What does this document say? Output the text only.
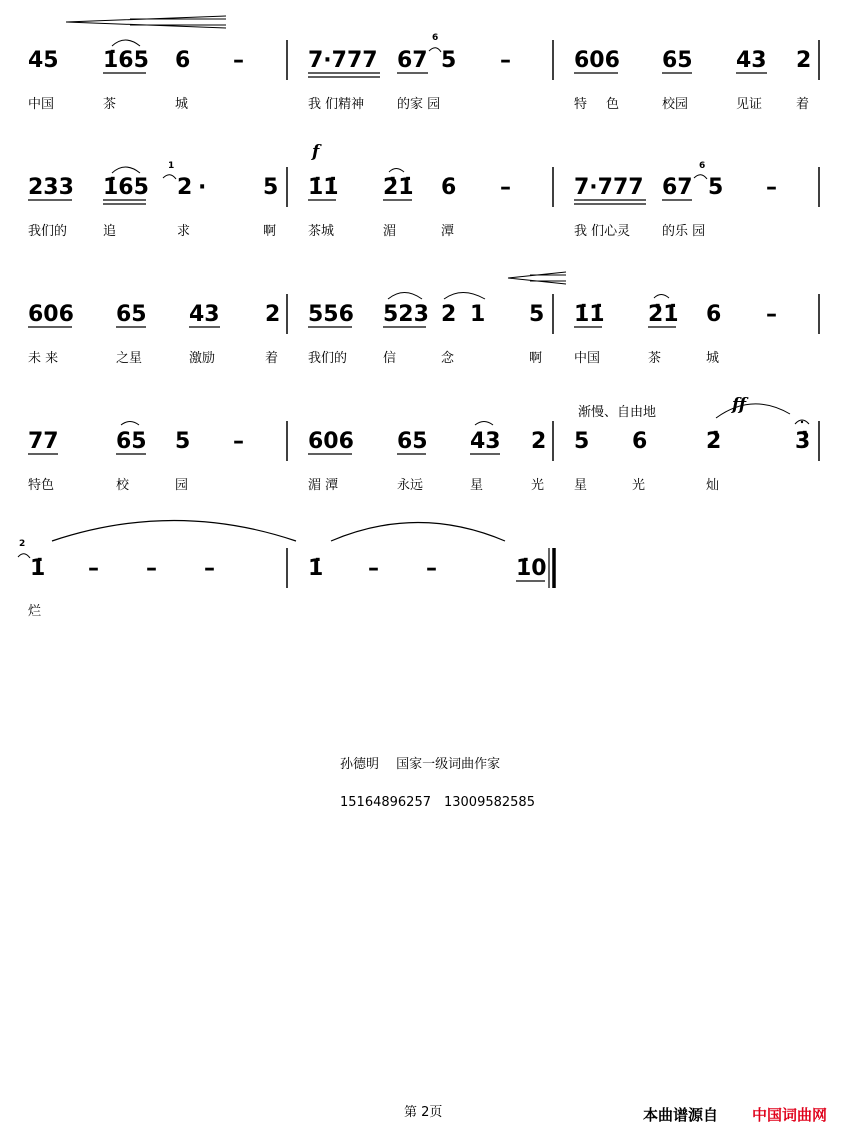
45 1̇65 6 –	7·777 67
6
5 –	606 65 43 2
中国	茶	城	我 们精神	的家 园	特 色	校园	见证	着
f
233 1̇65
1
2 ·	5 1̇1̇ 2̇1̇ 6 –	7·777 67
6
5 –
我们的	追	求	啊 茶城	湄	潭	我 们心灵 的乐 园
606 65 43 2 556 523 2 1 5 1̇1̇ 2̇1̇ 6 –
未 来	之星	激励	着 我们的	信	念	啊 中国	茶	城
渐慢、自由地	ff
77	65 5 –	606 65 43 2 5 6	2̇	3̇
特色	校	园	湄 潭	永远	星	光 星	光	灿
2
1̇ – – –	1̇ – –	1̇0
烂
孙德明　 国家一级词曲作家
15164896257　13009582585
第 2页	本曲谱源自 中国词曲网
